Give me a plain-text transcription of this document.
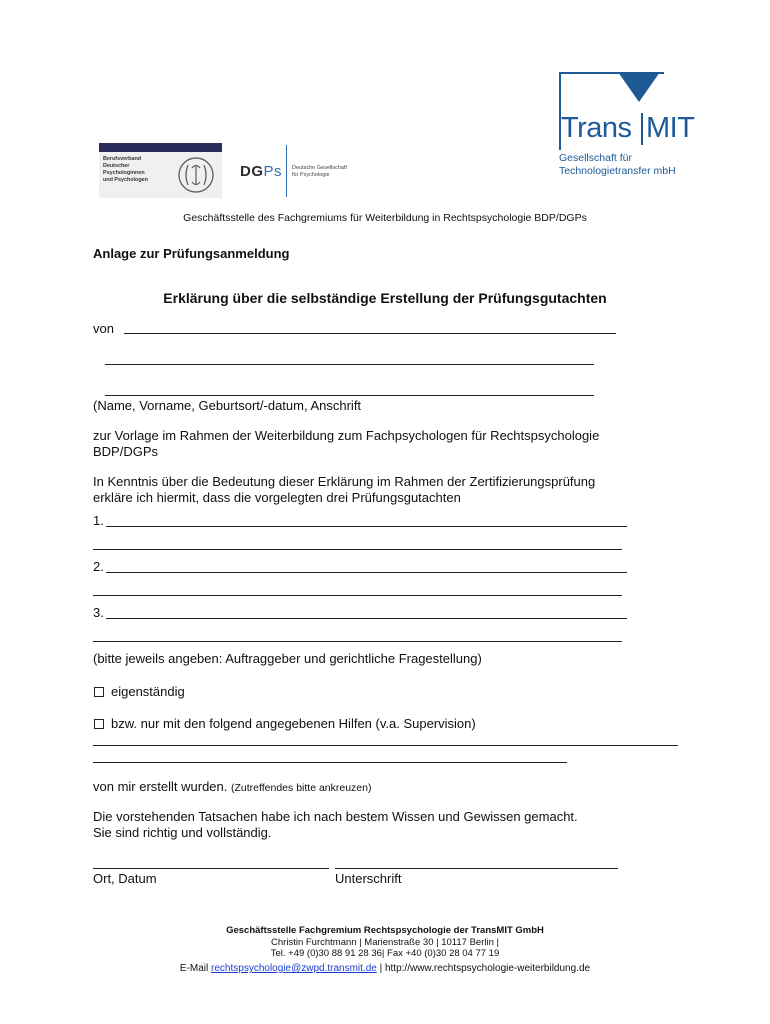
Berufsverband
Deutscher
Psychologinnen
und Psychologen	DGPs Deutsche Gesellschaft
für Psychologie
Trans MIT
Gesellschaft für
Technologietransfer mbH
Geschäftsstelle des Fachgremiums für Weiterbildung in Rechtspsychologie BDP/DGPs
Anlage zur Prüfungsanmeldung
Erklärung über die selbständige Erstellung der Prüfungsgutachten
von
(Name, Vorname, Geburtsort/-datum, Anschrift
zur Vorlage im Rahmen der Weiterbildung zum Fachpsychologen für Rechtspsychologie
BDP/DGPs
In Kenntnis über die Bedeutung dieser Erklärung im Rahmen der Zertifizierungsprüfung
erkläre ich hiermit, dass die vorgelegten drei Prüfungsgutachten
1.
2.
3.
(bitte jeweils angeben: Auftraggeber und gerichtliche Fragestellung)
eigenständig
bzw. nur mit den folgend angegebenen Hilfen (v.a. Supervision)
von mir erstellt wurden. (Zutreffendes bitte ankreuzen)
Die vorstehenden Tatsachen habe ich nach bestem Wissen und Gewissen gemacht.
Sie sind richtig und vollständig.
Ort, Datum	Unterschrift
Geschäftsstelle Fachgremium Rechtspsychologie der TransMIT GmbH
Christin Furchtmann | Marienstraße 30 | 10117 Berlin |
Tel. +49 (0)30 88 91 28 36| Fax +40 (0)30 28 04 77 19
E-Mail rechtspsychologie@zwpd.transmit.de | http://www.rechtspsychologie-weiterbildung.de
